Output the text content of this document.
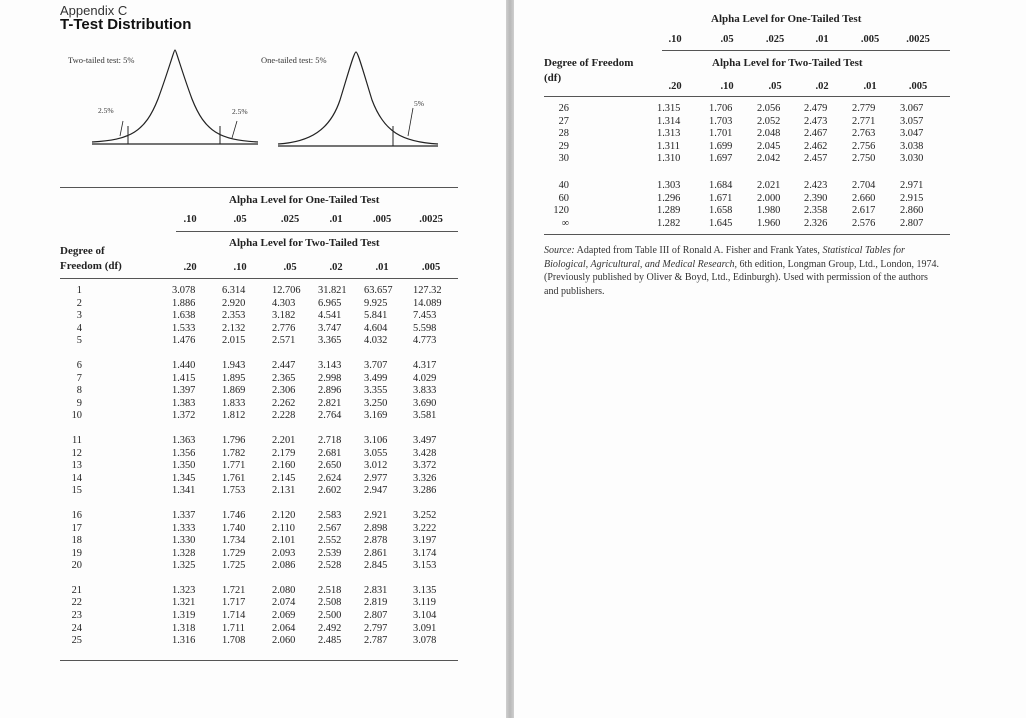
Appendix C
T-Test Distribution
Two-tailed test: 5%	One-tailed test: 5%
2.5%	2.5%
5%
Alpha Level for One-Tailed Test
.10	.05	.025	.01	.005	.0025
Alpha Level for Two-Tailed Test
Degree of
Freedom (df)	.20	.10	.05	.02	.01	.005
1	3.078	6.314	12.706 31.821 63.657 127.32
2	1.886	2.920	4.303 6.965 9.925 14.089
3	1.638	2.353	3.182 4.541 5.841 7.453
4	1.533	2.132	2.776 3.747 4.604 5.598
5	1.476	2.015	2.571 3.365 4.032 4.773
6	1.440	1.943	2.447 3.143 3.707 4.317
7	1.415	1.895	2.365 2.998 3.499 4.029
8	1.397	1.869	2.306 2.896 3.355 3.833
9	1.383	1.833	2.262 2.821 3.250 3.690
10	1.372	1.812	2.228 2.764 3.169 3.581
11	1.363	1.796	2.201 2.718 3.106 3.497
12	1.356	1.782	2.179 2.681 3.055 3.428
13	1.350	1.771	2.160 2.650 3.012 3.372
14	1.345	1.761	2.145 2.624 2.977 3.326
15	1.341	1.753	2.131 2.602 2.947 3.286
16	1.337	1.746	2.120 2.583 2.921 3.252
17	1.333	1.740	2.110 2.567 2.898 3.222
18	1.330	1.734	2.101 2.552 2.878 3.197
19	1.328	1.729	2.093 2.539 2.861 3.174
20	1.325	1.725	2.086 2.528 2.845 3.153
21	1.323	1.721	2.080 2.518 2.831 3.135
22	1.321	1.717	2.074 2.508 2.819 3.119
23	1.319	1.714	2.069 2.500 2.807 3.104
24	1.318	1.711	2.064 2.492 2.797 3.091
25	1.316	1.708	2.060 2.485 2.787 3.078
Alpha Level for One-Tailed Test
.10	.05	.025	.01	.005	.0025
Degree of Freedom
(df)
Alpha Level for Two-Tailed Test
.20	.10	.05	.02	.01	.005
26	1.315	1.706 2.056 2.479 2.779 3.067
27	1.314	1.703 2.052 2.473 2.771 3.057
28	1.313	1.701 2.048 2.467 2.763 3.047
29	1.311	1.699 2.045 2.462 2.756 3.038
30	1.310	1.697 2.042 2.457 2.750 3.030
40	1.303	1.684 2.021 2.423 2.704 2.971
60	1.296	1.671 2.000 2.390 2.660 2.915
120	1.289	1.658 1.980 2.358 2.617 2.860
∞	1.282	1.645 1.960 2.326 2.576 2.807
Source: Adapted from Table III of Ronald A. Fisher and Frank Yates, Statistical Tables for Biological, Agricultural, and Medical Research, 6th edition, Longman Group, Ltd., London, 1974. (Previously published by Oliver & Boyd, Ltd., Edinburgh). Used with permission of the authors and publishers.
